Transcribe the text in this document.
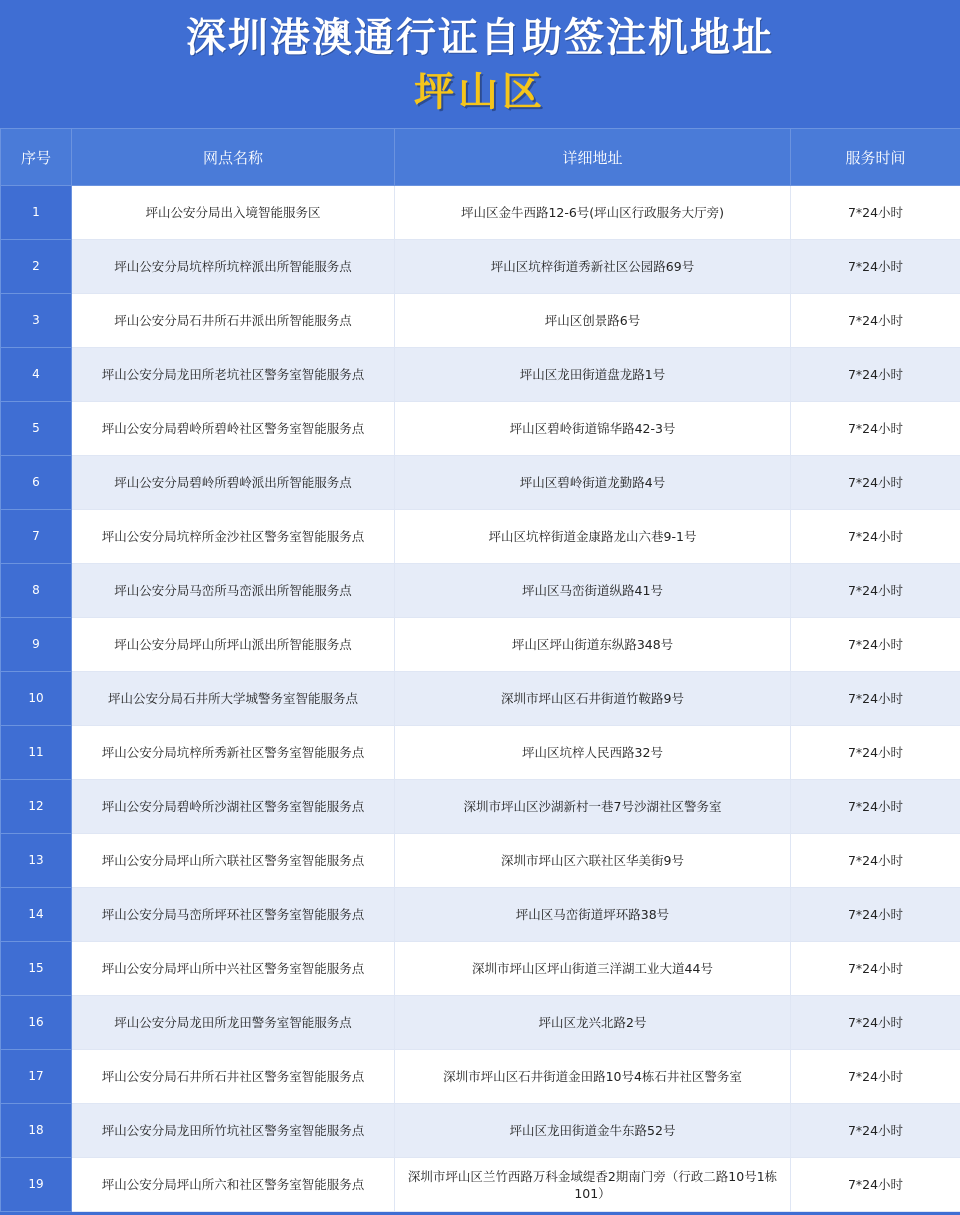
深圳港澳通行证自助签注机地址
坪山区
序号	网点名称	详细地址	服务时间
1	坪山公安分局出入境智能服务区	坪山区金牛西路12-6号(坪山区行政服务大厅旁)	7*24小时
2	坪山公安分局坑梓所坑梓派出所智能服务点	坪山区坑梓街道秀新社区公园路69号	7*24小时
3	坪山公安分局石井所石井派出所智能服务点	坪山区创景路6号	7*24小时
4	坪山公安分局龙田所老坑社区警务室智能服务点	坪山区龙田街道盘龙路1号	7*24小时
5	坪山公安分局碧岭所碧岭社区警务室智能服务点	坪山区碧岭街道锦华路42-3号	7*24小时
6	坪山公安分局碧岭所碧岭派出所智能服务点	坪山区碧岭街道龙勤路4号	7*24小时
7	坪山公安分局坑梓所金沙社区警务室智能服务点	坪山区坑梓街道金康路龙山六巷9-1号	7*24小时
8	坪山公安分局马峦所马峦派出所智能服务点	坪山区马峦街道纵路41号	7*24小时
9	坪山公安分局坪山所坪山派出所智能服务点	坪山区坪山街道东纵路348号	7*24小时
10	坪山公安分局石井所大学城警务室智能服务点	深圳市坪山区石井街道竹鞍路9号	7*24小时
11	坪山公安分局坑梓所秀新社区警务室智能服务点	坪山区坑梓人民西路32号	7*24小时
12	坪山公安分局碧岭所沙湖社区警务室智能服务点	深圳市坪山区沙湖新村一巷7号沙湖社区警务室	7*24小时
13	坪山公安分局坪山所六联社区警务室智能服务点	深圳市坪山区六联社区华美街9号	7*24小时
14	坪山公安分局马峦所坪环社区警务室智能服务点	坪山区马峦街道坪环路38号	7*24小时
15	坪山公安分局坪山所中兴社区警务室智能服务点	深圳市坪山区坪山街道三洋湖工业大道44号	7*24小时
16	坪山公安分局龙田所龙田警务室智能服务点	坪山区龙兴北路2号	7*24小时
17	坪山公安分局石井所石井社区警务室智能服务点	深圳市坪山区石井街道金田路10号4栋石井社区警务室	7*24小时
18	坪山公安分局龙田所竹坑社区警务室智能服务点	坪山区龙田街道金牛东路52号	7*24小时
19	坪山公安分局坪山所六和社区警务室智能服务点	深圳市坪山区兰竹西路万科金域缇香2期南门旁（行政二路10号1栋101）	7*24小时
